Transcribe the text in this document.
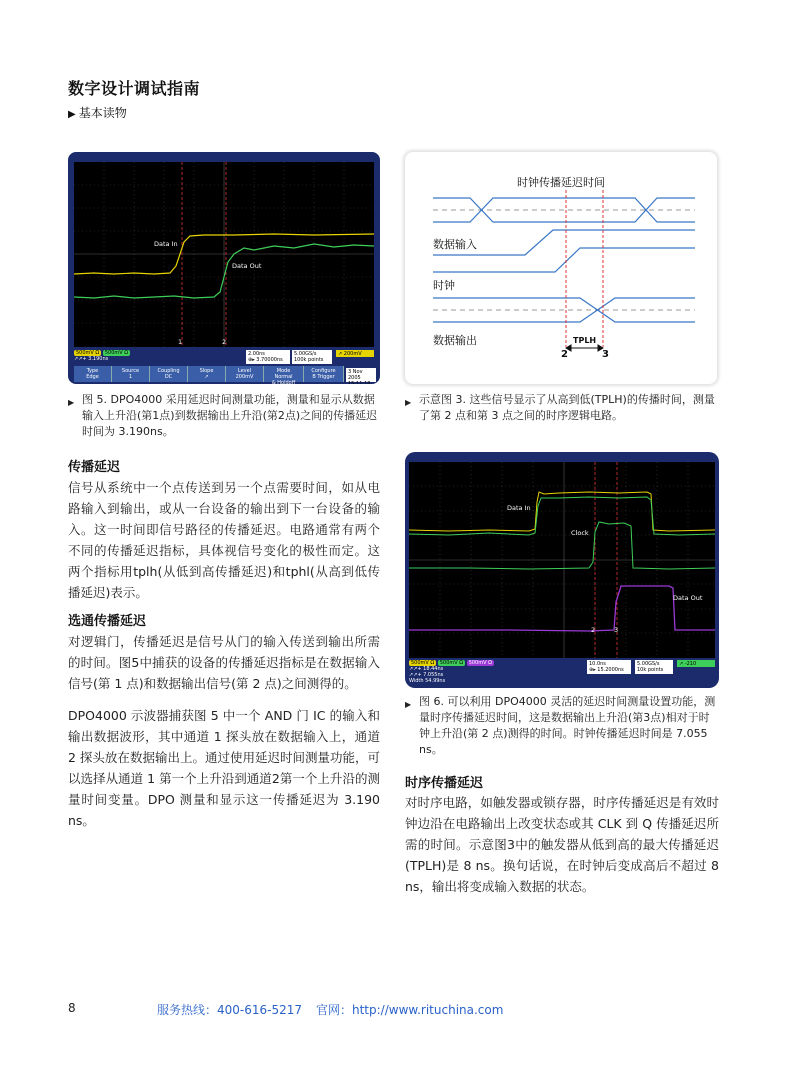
数字设计调试指南
▶ 基本读物
Data In
Data Out
1	2
500mV Ω 500mV Ω
↗↗+ 3.190ns
2.00ns
⊕▸ 3.70000ns
5.00GS/s
100k points
↗ 200mV
Type
Edge
Source
1
Coupling
DC
Slope
↗
Level
200mV
Mode
Normal
& Holdoff
Configure
B Trigger
3 Nov 2005
15:11:18
▶ 图 5. DPO4000 采用延迟时间测量功能，测量和显示从数据输入上升沿(第1点)到数据输出上升沿(第2点)之间的传播延迟时间为 3.190ns。
时钟传播延迟时间
数据输入
时钟
数据输出
2	3
TPLH
▶ 示意图 3. 这些信号显示了从高到低(TPLH)的传播时间，测量了第 2 点和第 3 点之间的时序逻辑电路。
Data In
Clock
Data Out
2	3
500mV Ω 500mV Ω 500mV Ω
↗↗+ 18.44ns
↗↗+ 7.055ns
Width 54.99ns
10.0ns
⊕▸ 15.2000ns
5.00GS/s
10k points
↗ -210
▶ 图 6. 可以利用 DPO4000 灵活的延迟时间测量设置功能，测量时序传播延迟时间，这是数据输出上升沿(第3点)相对于时钟上升沿(第 2 点)测得的时间。时钟传播延迟时间是 7.055 ns。
传播延迟
信号从系统中一个点传送到另一个点需要时间，如从电路输入到输出，或从一台设备的输出到下一台设备的输入。这一时间即信号路径的传播延迟。电路通常有两个不同的传播延迟指标，具体视信号变化的极性而定。这两个指标用tplh(从低到高传播延迟)和tphl(从高到低传播延迟)表示。
选通传播延迟
对逻辑门，传播延迟是信号从门的输入传送到输出所需的时间。图5中捕获的设备的传播延迟指标是在数据输入信号(第 1 点)和数据输出信号(第 2 点)之间测得的。
DPO4000 示波器捕获图 5 中一个 AND 门 IC 的输入和输出数据波形，其中通道 1 探头放在数据输入上，通道 2 探头放在数据输出上。通过使用延迟时间测量功能，可以选择从通道 1 第一个上升沿到通道2第一个上升沿的测量时间变量。DPO 测量和显示这一传播延迟为 3.190 ns。
时序传播延迟
对时序电路，如触发器或锁存器，时序传播延迟是有效时钟边沿在电路输出上改变状态或其 CLK 到 Q 传播延迟所需的时间。示意图3中的触发器从低到高的最大传播延迟 (TPLH)是 8 ns。换句话说，在时钟后变成高后不超过 8 ns，输出将变成输入数据的状态。
8	服务热线：400-616-5217 官网：http://www.rituchina.com
